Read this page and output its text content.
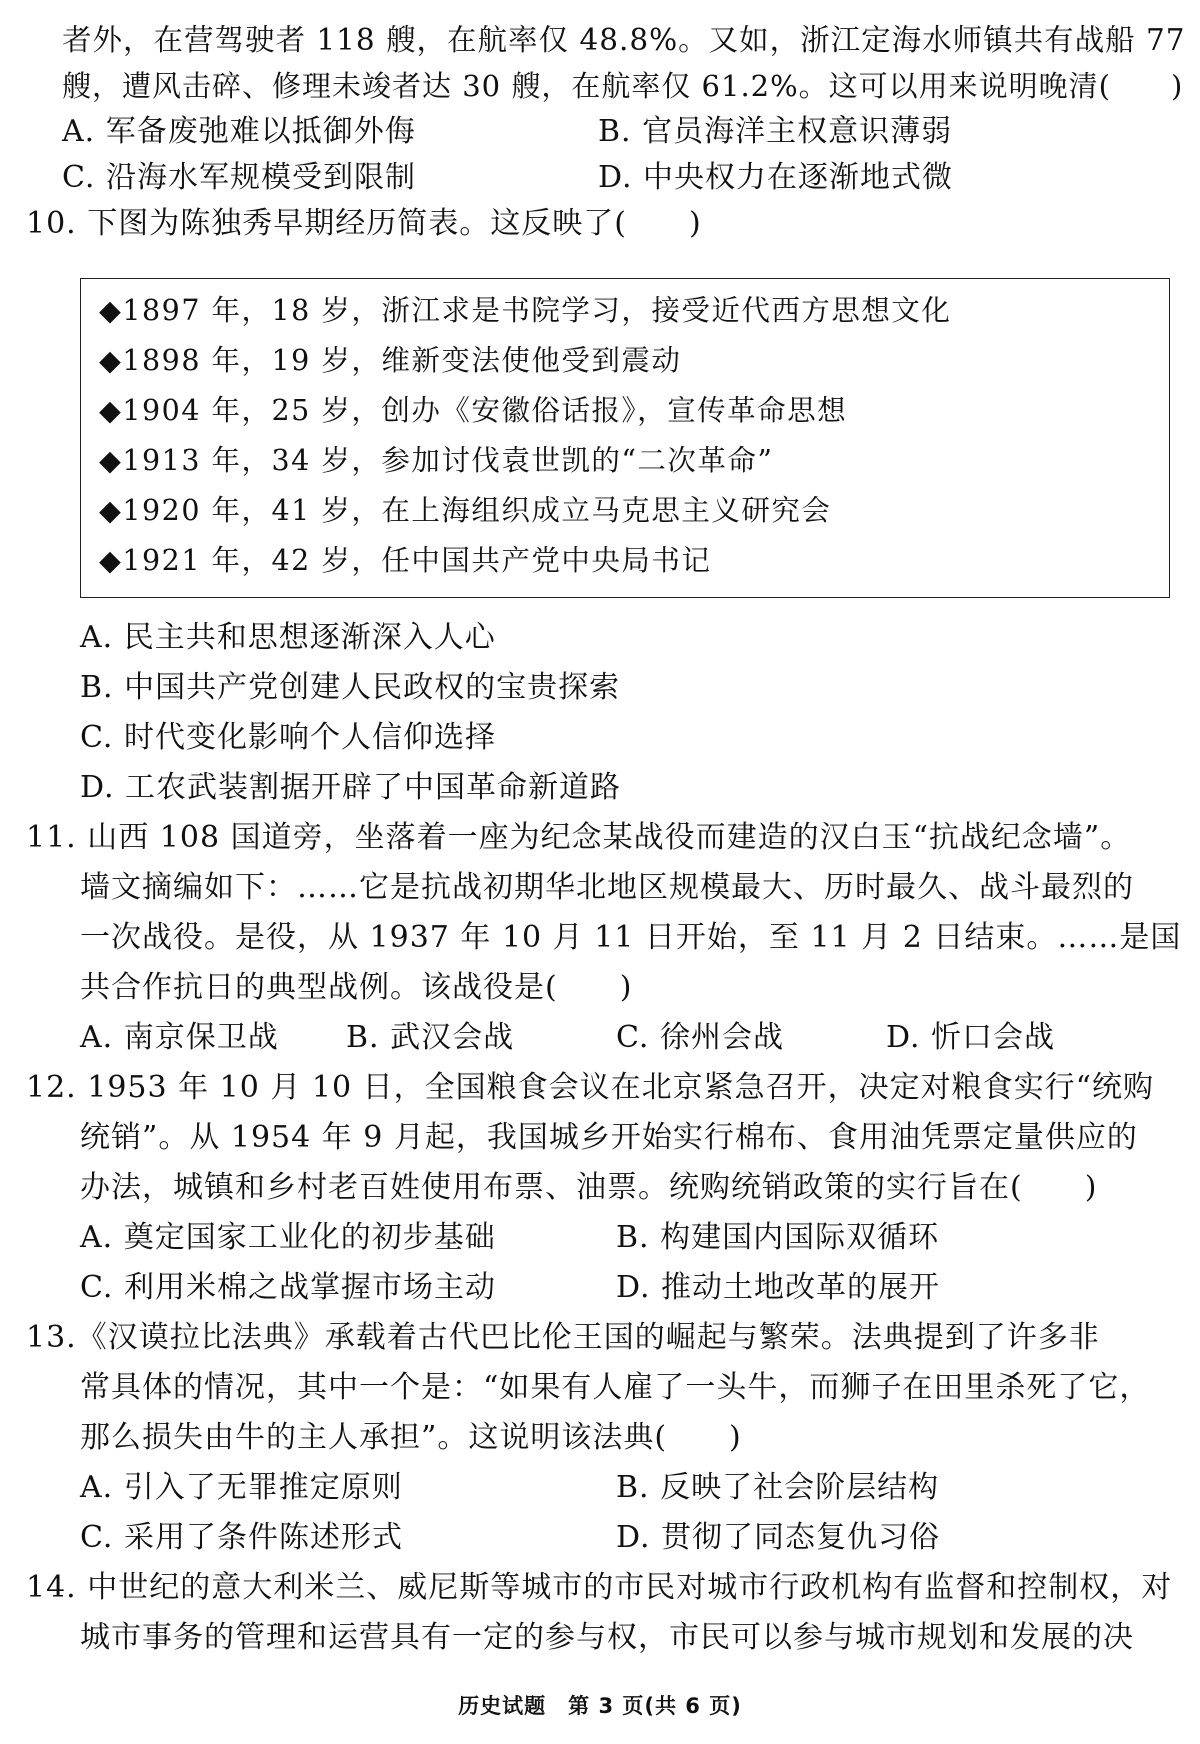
者外，在营驾驶者 118 艘，在航率仅 48.8%。又如，浙江定海水师镇共有战船 77
艘，遭风击碎、修理未竣者达 30 艘，在航率仅 61.2%。这可以用来说明晚清(　　)
A. 军备废弛难以抵御外侮	B. 官员海洋主权意识薄弱
C. 沿海水军规模受到限制	D. 中央权力在逐渐地式微
10. 下图为陈独秀早期经历简表。这反映了(　　)
◆1897 年，18 岁，浙江求是书院学习，接受近代西方思想文化
◆1898 年，19 岁，维新变法使他受到震动
◆1904 年，25 岁，创办《安徽俗话报》，宣传革命思想
◆1913 年，34 岁，参加讨伐袁世凯的“二次革命”
◆1920 年，41 岁，在上海组织成立马克思主义研究会
◆1921 年，42 岁，任中国共产党中央局书记
A. 民主共和思想逐渐深入人心
B. 中国共产党创建人民政权的宝贵探索
C. 时代变化影响个人信仰选择
D. 工农武装割据开辟了中国革命新道路
11. 山西 108 国道旁，坐落着一座为纪念某战役而建造的汉白玉“抗战纪念墙”。
墙文摘编如下：……它是抗战初期华北地区规模最大、历时最久、战斗最烈的
一次战役。是役，从 1937 年 10 月 11 日开始，至 11 月 2 日结束。……是国
共合作抗日的典型战例。该战役是(　　)
A. 南京保卫战 B. 武汉会战	C. 徐州会战	D. 忻口会战
12. 1953 年 10 月 10 日，全国粮食会议在北京紧急召开，决定对粮食实行“统购
统销”。从 1954 年 9 月起，我国城乡开始实行棉布、食用油凭票定量供应的
办法，城镇和乡村老百姓使用布票、油票。统购统销政策的实行旨在(　　)
A. 奠定国家工业化的初步基础	B. 构建国内国际双循环
C. 利用米棉之战掌握市场主动	D. 推动土地改革的展开
13.《汉谟拉比法典》承载着古代巴比伦王国的崛起与繁荣。法典提到了许多非
常具体的情况，其中一个是：“如果有人雇了一头牛，而狮子在田里杀死了它，
那么损失由牛的主人承担”。这说明该法典(　　)
A. 引入了无罪推定原则	B. 反映了社会阶层结构
C. 采用了条件陈述形式	D. 贯彻了同态复仇习俗
14. 中世纪的意大利米兰、威尼斯等城市的市民对城市行政机构有监督和控制权，对
城市事务的管理和运营具有一定的参与权，市民可以参与城市规划和发展的决
历史试题　第 3 页(共 6 页)
